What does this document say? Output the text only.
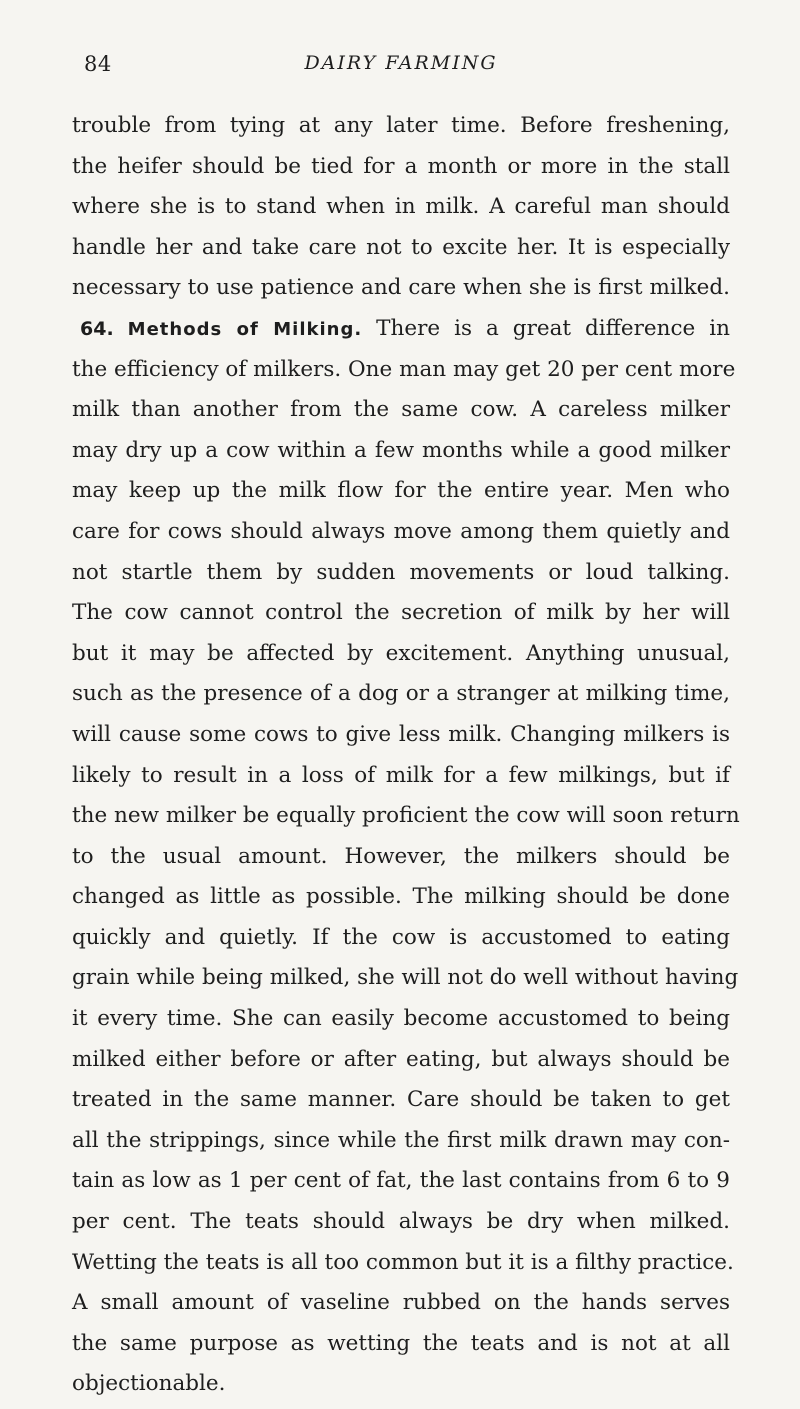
84	DAIRY FARMING
trouble from tying at any later time. Before freshening,
the heifer should be tied for a month or more in the stall
where she is to stand when in milk. A careful man should
handle her and take care not to excite her. It is especially
necessary to use patience and care when she is first milked.
64. Methods of Milking. There is a great difference in
the efficiency of milkers. One man may get 20 per cent more
milk than another from the same cow. A careless milker
may dry up a cow within a few months while a good milker
may keep up the milk flow for the entire year. Men who
care for cows should always move among them quietly and
not startle them by sudden movements or loud talking.
The cow cannot control the secretion of milk by her will
but it may be affected by excitement. Anything unusual,
such as the presence of a dog or a stranger at milking time,
will cause some cows to give less milk. Changing milkers is
likely to result in a loss of milk for a few milkings, but if
the new milker be equally proficient the cow will soon return
to the usual amount. However, the milkers should be
changed as little as possible. The milking should be done
quickly and quietly. If the cow is accustomed to eating
grain while being milked, she will not do well without having
it every time. She can easily become accustomed to being
milked either before or after eating, but always should be
treated in the same manner. Care should be taken to get
all the strippings, since while the first milk drawn may con-
tain as low as 1 per cent of fat, the last contains from 6 to 9
per cent. The teats should always be dry when milked.
Wetting the teats is all too common but it is a filthy practice.
A small amount of vaseline rubbed on the hands serves
the same purpose as wetting the teats and is not at all
objectionable.
